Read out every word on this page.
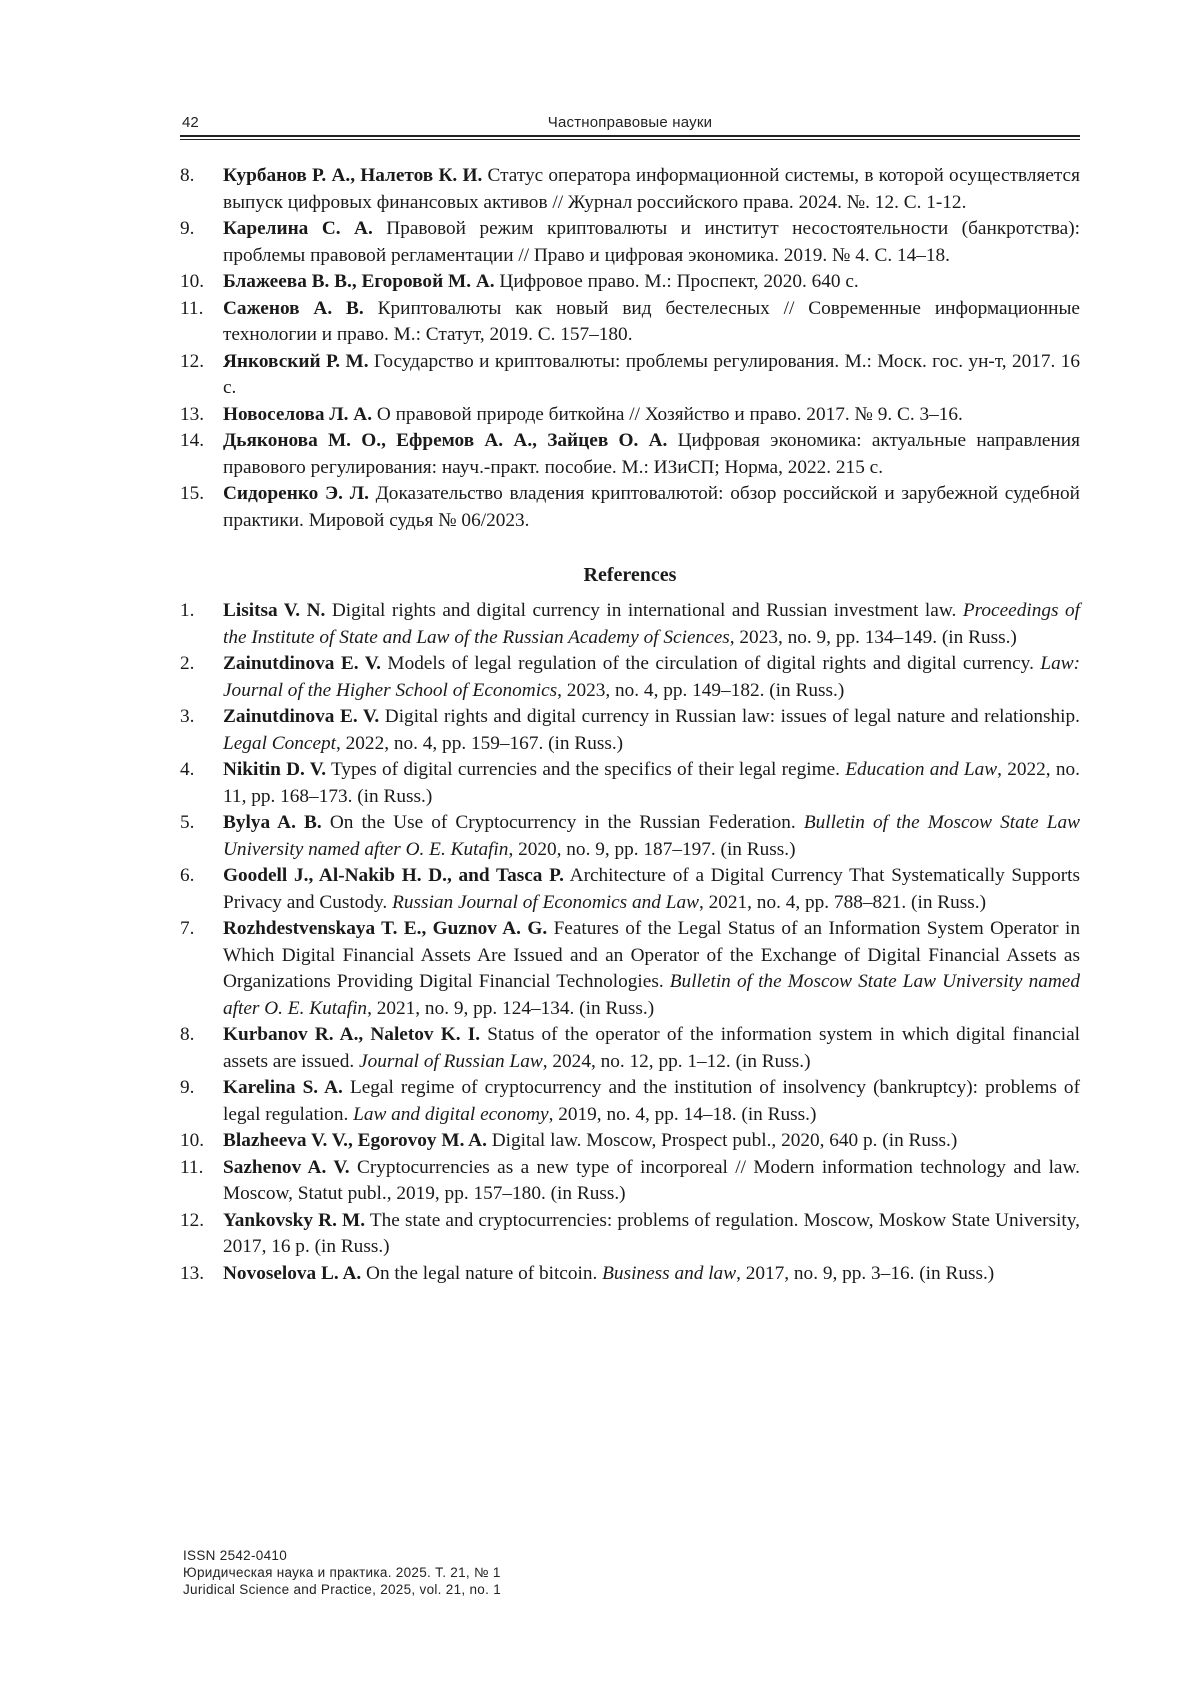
42	Частноправовые науки
8. Курбанов Р. А., Налетов К. И. Статус оператора информационной системы, в которой осуществляется выпуск цифровых финансовых активов // Журнал российского права. 2024. №. 12. С. 1-12.
9. Карелина С. А. Правовой режим криптовалюты и институт несостоятельности (банкротства): проблемы правовой регламентации // Право и цифровая экономика. 2019. № 4. С. 14–18.
10. Блажеева В. В., Егоровой М. А. Цифровое право. М.: Проспект, 2020. 640 с.
11. Саженов А. В. Криптовалюты как новый вид бестелесных // Современные информационные технологии и право. М.: Статут, 2019. С. 157–180.
12. Янковский Р. М. Государство и криптовалюты: проблемы регулирования. М.: Моск. гос. ун-т, 2017. 16 с.
13. Новоселова Л. А. О правовой природе биткойна // Хозяйство и право. 2017. № 9. С. 3–16.
14. Дьяконова М. О., Ефремов А. А., Зайцев О. А. Цифровая экономика: актуальные направления правового регулирования: науч.-практ. пособие. М.: ИЗиСП; Норма, 2022. 215 с.
15. Сидоренко Э. Л. Доказательство владения криптовалютой: обзор российской и зарубежной судебной практики. Мировой судья № 06/2023.
References
1. Lisitsa V. N. Digital rights and digital currency in international and Russian investment law. Proceedings of the Institute of State and Law of the Russian Academy of Sciences, 2023, no. 9, pp. 134–149. (in Russ.)
2. Zainutdinova E. V. Models of legal regulation of the circulation of digital rights and digital currency. Law: Journal of the Higher School of Economics, 2023, no. 4, pp. 149–182. (in Russ.)
3. Zainutdinova E. V. Digital rights and digital currency in Russian law: issues of legal nature and relationship. Legal Concept, 2022, no. 4, pp. 159–167. (in Russ.)
4. Nikitin D. V. Types of digital currencies and the specifics of their legal regime. Education and Law, 2022, no. 11, pp. 168–173. (in Russ.)
5. Bylya A. B. On the Use of Cryptocurrency in the Russian Federation. Bulletin of the Moscow State Law University named after O. E. Kutafin, 2020, no. 9, pp. 187–197. (in Russ.)
6. Goodell J., Al-Nakib H. D., and Tasca P. Architecture of a Digital Currency That Systematically Supports Privacy and Custody. Russian Journal of Economics and Law, 2021, no. 4, pp. 788–821. (in Russ.)
7. Rozhdestvenskaya T. E., Guznov A. G. Features of the Legal Status of an Information System Operator in Which Digital Financial Assets Are Issued and an Operator of the Exchange of Digital Financial Assets as Organizations Providing Digital Financial Technologies. Bulletin of the Moscow State Law University named after O. E. Kutafin, 2021, no. 9, pp. 124–134. (in Russ.)
8. Kurbanov R. A., Naletov K. I. Status of the operator of the information system in which digital financial assets are issued. Journal of Russian Law, 2024, no. 12, pp. 1–12. (in Russ.)
9. Karelina S. A. Legal regime of cryptocurrency and the institution of insolvency (bankruptcy): problems of legal regulation. Law and digital economy, 2019, no. 4, pp. 14–18. (in Russ.)
10. Blazheeva V. V., Egorovoy M. A. Digital law. Moscow, Prospect publ., 2020, 640 p. (in Russ.)
11. Sazhenov A. V. Cryptocurrencies as a new type of incorporeal // Modern information technology and law. Moscow, Statut publ., 2019, pp. 157–180. (in Russ.)
12. Yankovsky R. M. The state and cryptocurrencies: problems of regulation. Moscow, Moskow State University, 2017, 16 p. (in Russ.)
13. Novoselova L. A. On the legal nature of bitcoin. Business and law, 2017, no. 9, pp. 3–16. (in Russ.)
ISSN 2542-0410
Юридическая наука и практика. 2025. Т. 21, № 1
Juridical Science and Practice, 2025, vol. 21, no. 1
